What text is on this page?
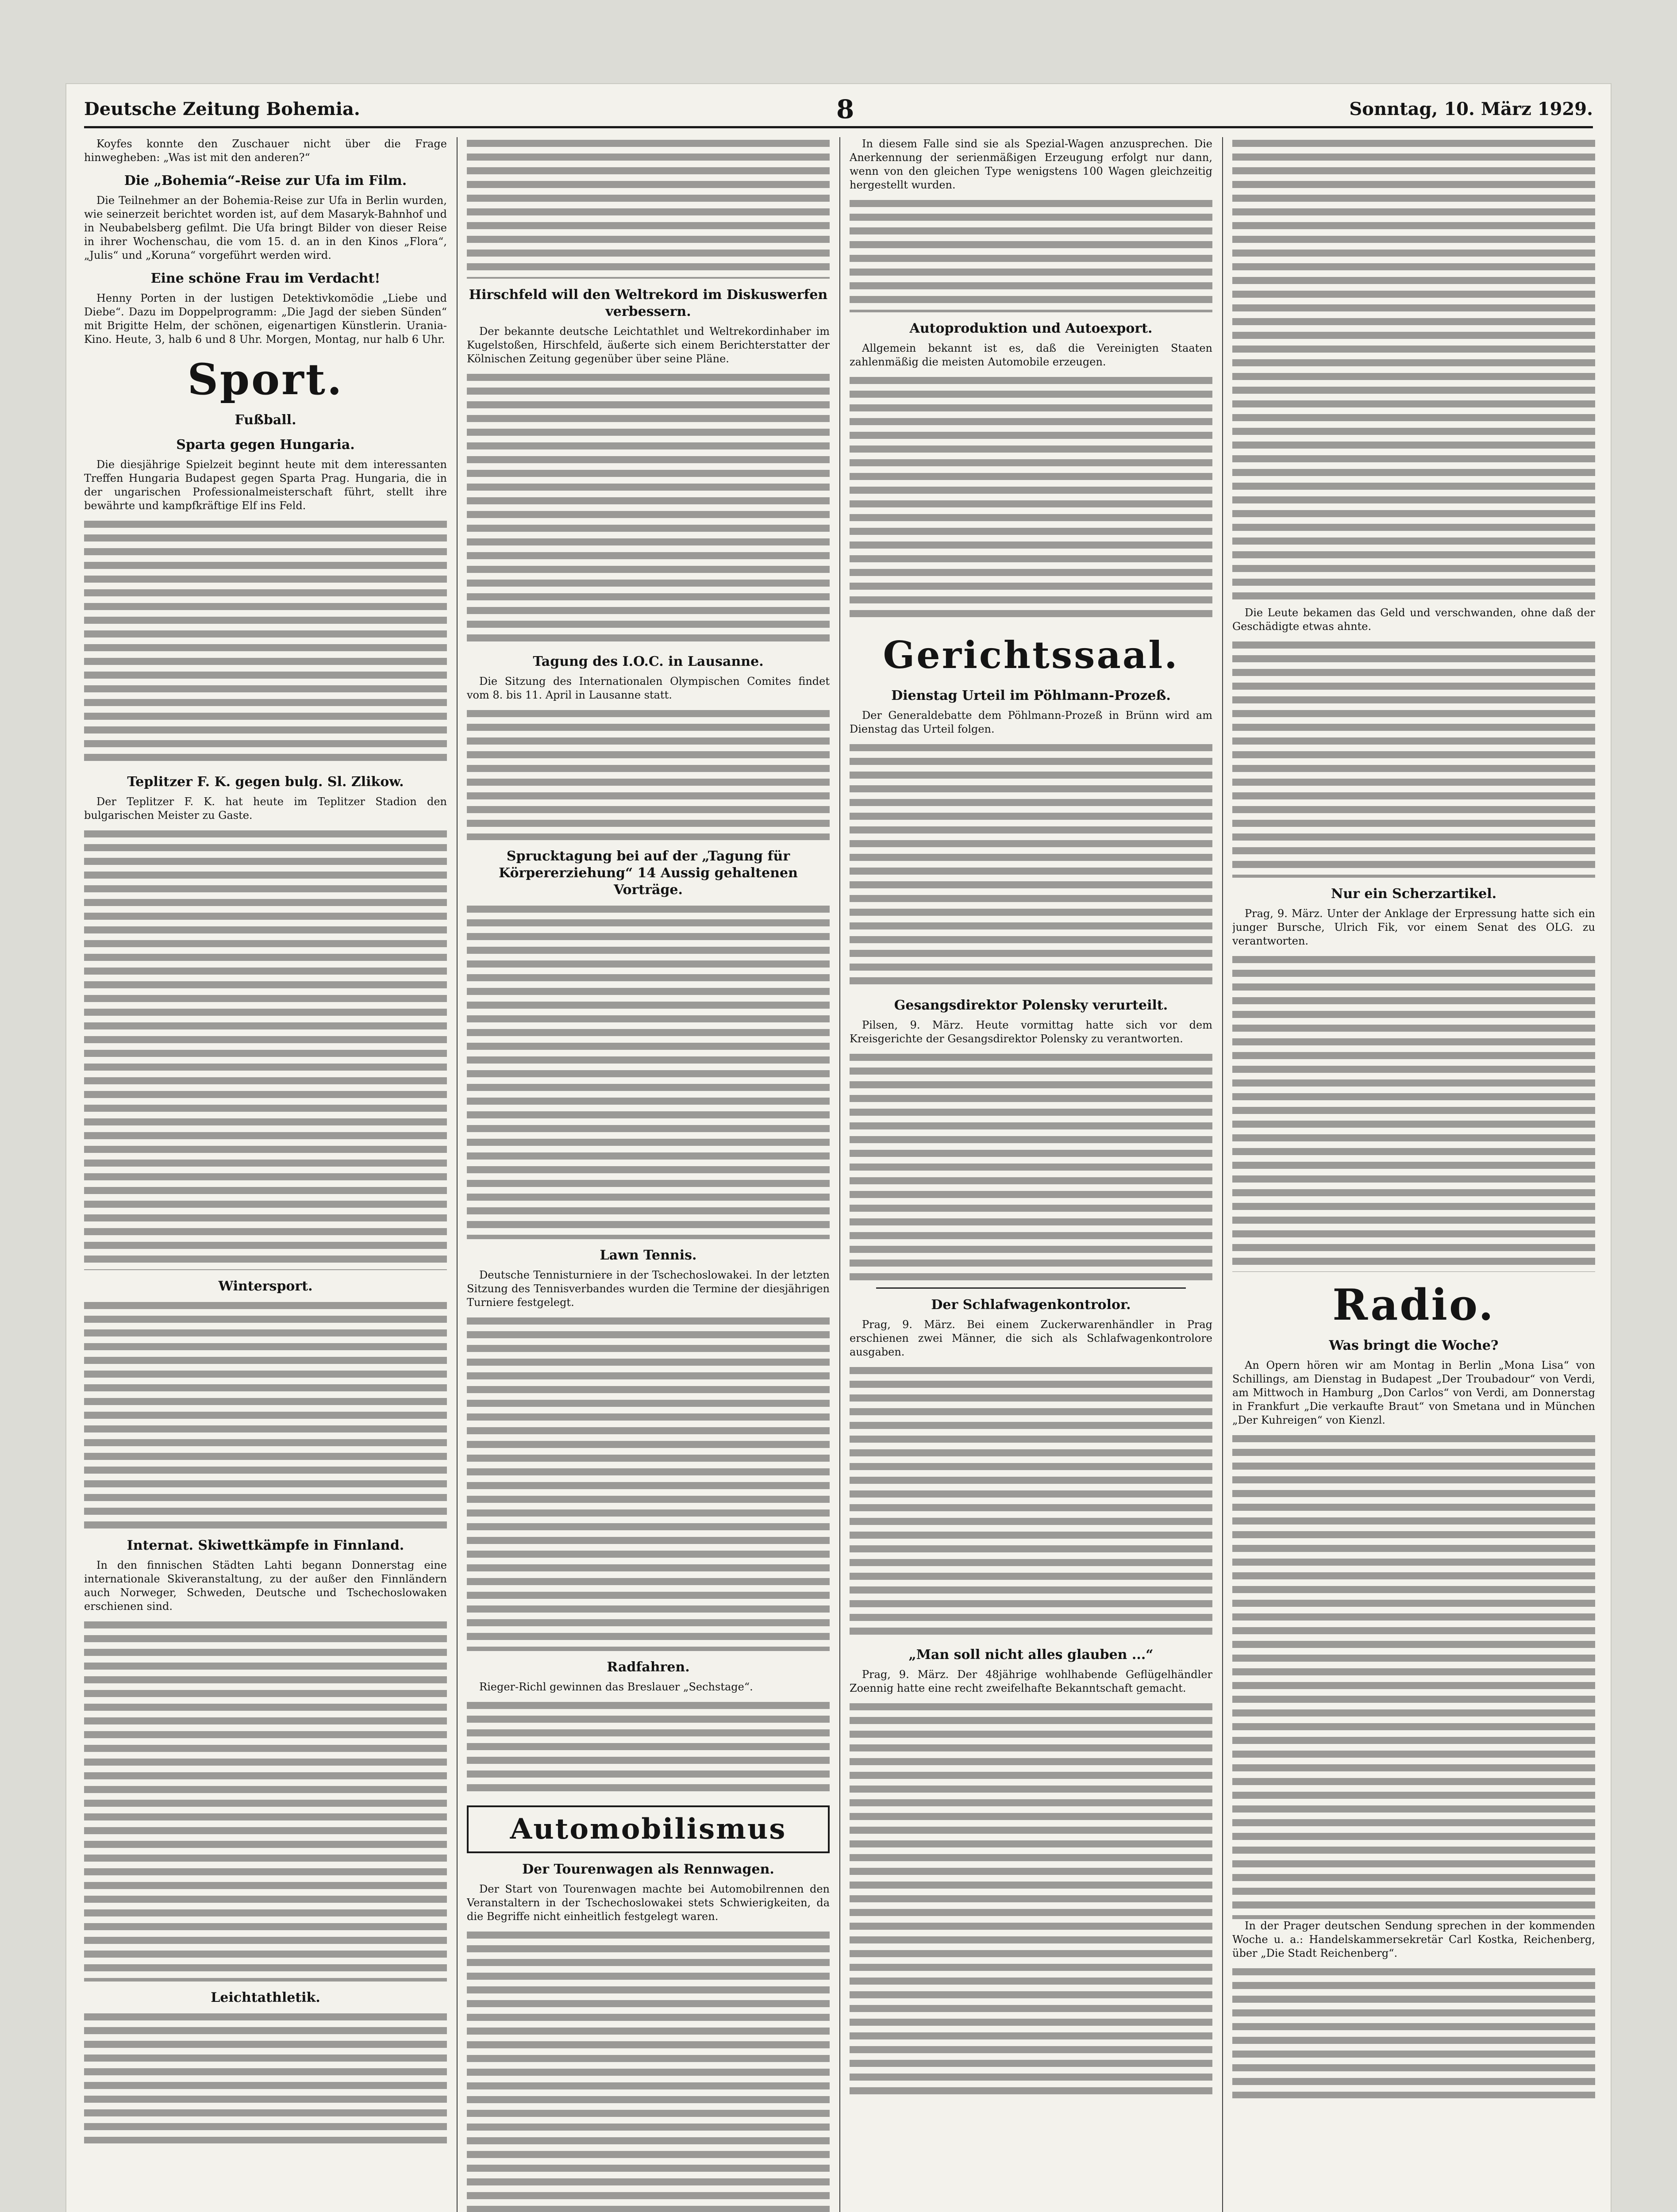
Deutsche Zeitung Bohemia.	8	Sonntag, 10. März 1929.

Koyfes konnte den Zuschauer nicht über die Frage hinwegheben: „Was ist mit den anderen?“

Die „Bohemia“-Reise zur Ufa im Film.

Die Teilnehmer an der Bohemia-Reise zur Ufa in Berlin wurden, wie seinerzeit berichtet worden ist, auf dem Masaryk-Bahnhof und in Neubabelsberg gefilmt. Die Ufa bringt Bilder von dieser Reise in ihrer Wochenschau, die vom 15. d. an in den Kinos „Flora“, „Julis“ und „Koruna“ vorgeführt werden wird.

Eine schöne Frau im Verdacht!

Henny Porten in der lustigen Detektivkomödie „Liebe und Diebe“. Dazu im Doppelprogramm: „Die Jagd der sieben Sünden“ mit Brigitte Helm, der schönen, eigenartigen Künstlerin. Urania-Kino. Heute, 3, halb 6 und 8 Uhr. Morgen, Montag, nur halb 6 Uhr.

Sport.
Fußball.
Sparta gegen Hungaria.

Die diesjährige Spielzeit beginnt heute mit dem interessanten Treffen Hungaria Budapest gegen Sparta Prag. Hungaria, die in der ungarischen Professionalmeisterschaft führt, stellt ihre bewährte und kampfkräftige Elf ins Feld.

Teplitzer F. K. gegen bulg. Sl. Zlikow.

Der Teplitzer F. K. hat heute im Teplitzer Stadion den bulgarischen Meister zu Gaste.

Wintersport.
Internat. Skiwettkämpfe in Finnland.

In den finnischen Städten Lahti begann Donnerstag eine internationale Skiveranstaltung, zu der außer den Finnländern auch Norweger, Schweden, Deutsche und Tschechoslowaken erschienen sind.

Leichtathletik.
Hirschfeld will den Weltrekord im Diskuswerfen verbessern.

Der bekannte deutsche Leichtathlet und Weltrekordinhaber im Kugelstoßen, Hirschfeld, äußerte sich einem Berichterstatter der Kölnischen Zeitung gegenüber über seine Pläne.

Tagung des I.O.C. in Lausanne.

Die Sitzung des Internationalen Olympischen Comites findet vom 8. bis 11. April in Lausanne statt.

Sprucktagung bei auf der „Tagung für Körpererziehung“ 14 Aussig gehaltenen Vorträge.
Lawn Tennis.

Deutsche Tennisturniere in der Tschechoslowakei. In der letzten Sitzung des Tennisverbandes wurden die Termine der diesjährigen Turniere festgelegt.

Radfahren.

Rieger-Richl gewinnen das Breslauer „Sechstage“.

Automobilismus
Der Tourenwagen als Rennwagen.

Der Start von Tourenwagen machte bei Automobilrennen den Veranstaltern in der Tschechoslowakei stets Schwierigkeiten, da die Begriffe nicht einheitlich festgelegt waren.

In diesem Falle sind sie als Spezial-Wagen anzusprechen. Die Anerkennung der serienmäßigen Erzeugung erfolgt nur dann, wenn von den gleichen Type wenigstens 100 Wagen gleichzeitig hergestellt wurden.

Autoproduktion und Autoexport.

Allgemein bekannt ist es, daß die Vereinigten Staaten zahlenmäßig die meisten Automobile erzeugen.

Gerichtssaal.
Dienstag Urteil im Pöhlmann-Prozeß.

Der Generaldebatte dem Pöhlmann-Prozeß in Brünn wird am Dienstag das Urteil folgen.

Gesangsdirektor Polensky verurteilt.

Pilsen, 9. März. Heute vormittag hatte sich vor dem Kreisgerichte der Gesangsdirektor Polensky zu verantworten.

Der Schlafwagenkontrolor.

Prag, 9. März. Bei einem Zuckerwarenhändler in Prag erschienen zwei Männer, die sich als Schlafwagenkontrolore ausgaben.

„Man soll nicht alles glauben ...“

Prag, 9. März. Der 48jährige wohlhabende Geflügelhändler Zoennig hatte eine recht zweifelhafte Bekanntschaft gemacht.

Die Leute bekamen das Geld und verschwanden, ohne daß der Geschädigte etwas ahnte.

Nur ein Scherzartikel.

Prag, 9. März. Unter der Anklage der Erpressung hatte sich ein junger Bursche, Ulrich Fik, vor einem Senat des OLG. zu verantworten.

Radio.
Was bringt die Woche?

An Opern hören wir am Montag in Berlin „Mona Lisa“ von Schillings, am Dienstag in Budapest „Der Troubadour“ von Verdi, am Mittwoch in Hamburg „Don Carlos“ von Verdi, am Donnerstag in Frankfurt „Die verkaufte Braut“ von Smetana und in München „Der Kuhreigen“ von Kienzl.

In der Prager deutschen Sendung sprechen in der kommenden Woche u. a.: Handelskammersekretär Carl Kostka, Reichenberg, über „Die Stadt Reichenberg“.
